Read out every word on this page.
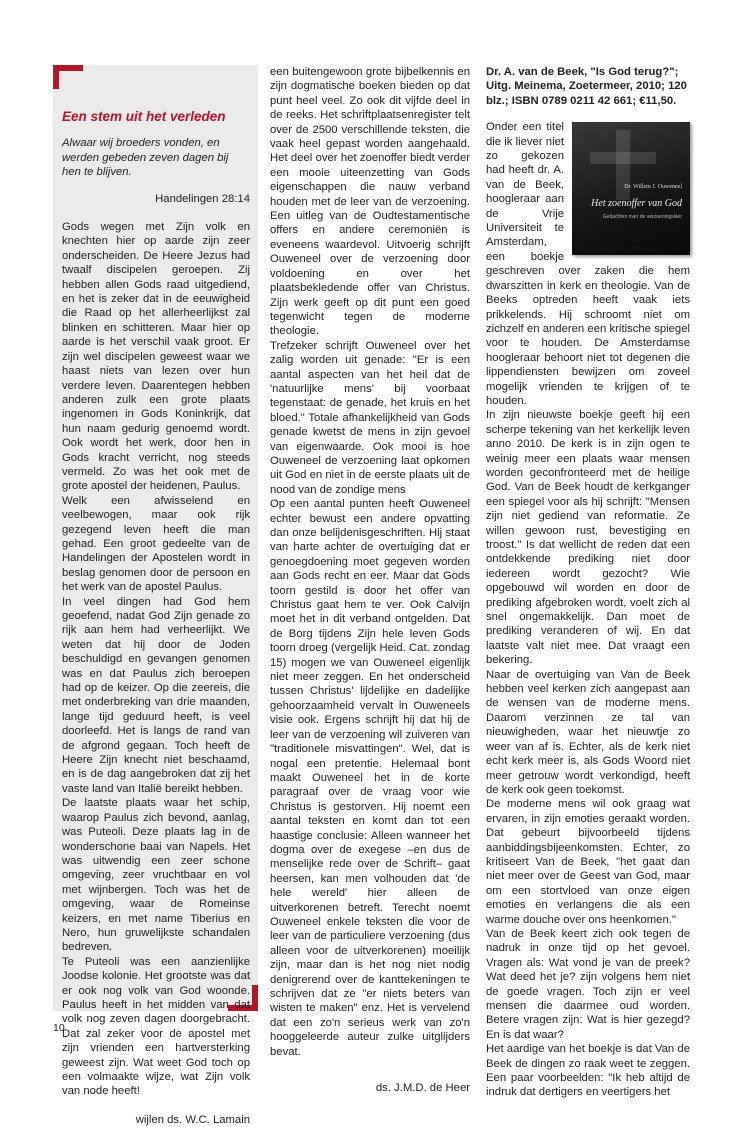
Een stem uit het verleden

Alwaar wij broeders vonden, en werden gebeden zeven dagen bij hen te blijven.

Handelingen 28:14

Gods wegen met Zijn volk en knechten hier op aarde zijn zeer onderscheiden. De Heere Jezus had twaalf discipelen geroepen. Zij hebben allen Gods raad uitgediend, en het is zeker dat in de eeuwigheid die Raad op het allerheerlijkst zal blinken en schitteren. Maar hier op aarde is het verschil vaak groot. Er zijn wel discipelen geweest waar we haast niets van lezen over hun verdere leven. Daarentegen hebben anderen zulk een grote plaats ingenomen in Gods Koninkrijk, dat hun naam gedurig genoemd wordt. Ook wordt het werk, door hen in Gods kracht verricht, nog steeds vermeld. Zo was het ook met de grote apostel der heidenen, Paulus.

Welk een afwisselend en veelbewogen, maar ook rijk gezegend leven heeft die man gehad. Een groot gedeelte van de Handelingen der Apostelen wordt in beslag genomen door de persoon en het werk van de apostel Paulus.

In veel dingen had God hem geoefend, nadat God Zijn genade zo rijk aan hem had verheerlijkt. We weten dat hij door de Joden beschuldigd en gevangen genomen was en dat Paulus zich beroepen had op de keizer. Op die zeereis, die met onderbreking van drie maanden, lange tijd geduurd heeft, is veel doorleefd. Het is langs de rand van de afgrond gegaan. Toch heeft de Heere Zijn knecht niet beschaamd, en is de dag aangebroken dat zij het vaste land van Italië bereikt hebben.

De laatste plaats waar het schip, waarop Paulus zich bevond, aanlag, was Puteoli. Deze plaats lag in de wonderschone baai van Napels. Het was uitwendig een zeer schone omgeving, zeer vruchtbaar en vol met wijnbergen. Toch was het de omgeving, waar de Romeinse keizers, en met name Tiberius en Nero, hun gruwelijkste schandalen bedreven.

Te Puteoli was een aanzienlijke Joodse kolonie. Het grootste was dat er ook nog volk van God woonde. Paulus heeft in het midden van dat volk nog zeven dagen doorgebracht. Dat zal zeker voor de apostel met zijn vrienden een hartversterking geweest zijn. Wat weet God toch op een volmaakte wijze, wat Zijn volk van node heeft!

wijlen ds. W.C. Lamain

een buitengewoon grote bijbelkennis en zijn dogmatische boeken bieden op dat punt heel veel. Zo ook dit vijfde deel in de reeks. Het schriftplaatsenregister telt over de 2500 verschillende teksten, die vaak heel gepast worden aangehaald. Het deel over het zoenoffer biedt verder een mooie uiteenzetting van Gods eigenschappen die nauw verband houden met de leer van de verzoening. Een uitleg van de Oudtestamentische offers en andere ceremoniën is eveneens waardevol. Uitvoerig schrijft Ouweneel over de verzoening door voldoening en over het plaatsbekledende offer van Christus. Zijn werk geeft op dit punt een goed tegenwicht tegen de moderne theologie.

Trefzeker schrijft Ouweneel over het zalig worden uit genade: "Er is een aantal aspecten van het heil dat de 'natuurlijke mens' bij voorbaat tegenstaat: de genade, het kruis en het bloed." Totale afhankelijkheid van Gods genade kwetst de mens in zijn gevoel van eigenwaarde. Ook mooi is hoe Ouweneel de verzoening laat opkomen uit God en niet in de eerste plaats uit de nood van de zondige mens

Op een aantal punten heeft Ouweneel echter bewust een andere opvatting dan onze belijdenisgeschriften. Hij staat van harte achter de overtuiging dat er genoegdoening moet gegeven worden aan Gods recht en eer. Maar dat Gods toorn gestild is door het offer van Christus gaat hem te ver. Ook Calvijn moet het in dit verband ontgelden. Dat de Borg tijdens Zijn hele leven Gods toorn droeg (vergelijk Heid. Cat. zondag 15) mogen we van Ouweneel eigenlijk niet meer zeggen. En het onderscheid tussen Christus' lijdelijke en dadelijke gehoorzaamheid vervalt in Ouweneels visie ook. Ergens schrijft hij dat hij de leer van de verzoening wil zuiveren van "traditionele misvattingen". Wel, dat is nogal een pretentie. Helemaal bont maakt Ouweneel het in de korte paragraaf over de vraag voor wie Christus is gestorven. Hij noemt een aantal teksten en komt dan tot een haastige conclusie: Alleen wanneer het dogma over de exegese –en dus de menselijke rede over de Schrift– gaat heersen, kan men volhouden dat 'de hele wereld' hier alleen de uitverkorenen betreft. Terecht noemt Ouweneel enkele teksten die voor de leer van de particuliere verzoening (dus alleen voor de uitverkorenen) moeilijk zijn, maar dan is het nog niet nodig denigrerend over de kanttekeningen te schrijven dat ze "er niets beters van wisten te maken" enz. Het is vervelend dat een zo'n serieus werk van zo'n hooggeleerde auteur zulke uitglijders bevat.

ds. J.M.D. de Heer

Dr. A. van de Beek, "Is God terug?"; Uitg. Meinema, Zoetermeer, 2010; 120 blz.; ISBN 0789 0211 42 661; €11,50.

Dr. Willem J. Ouweneel
Het zoenoffer van God
Gedachten over de verzoeningsleer

Onder een titel die ik liever niet zo gekozen had heeft dr. A. van de Beek, hoogleraar aan de Vrije Universiteit te Amsterdam, een boekje geschreven over zaken die hem dwarszitten in kerk en theologie. Van de Beeks optreden heeft vaak iets prikkelends. Hij schroomt niet om zichzelf en anderen een kritische spiegel voor te houden. De Amsterdamse hoogleraar behoort niet tot degenen die lippendiensten bewijzen om zoveel mogelijk vrienden te krijgen of te houden.

In zijn nieuwste boekje geeft hij een scherpe tekening van het kerkelijk leven anno 2010. De kerk is in zijn ogen te weinig meer een plaats waar mensen worden geconfronteerd met de heilige God. Van de Beek houdt de kerkganger een spiegel voor als hij schrijft: "Mensen zijn niet gediend van reformatie. Ze willen gewoon rust, bevestiging en troost." Is dat wellicht de reden dat een ontdekkende prediking niet door iedereen wordt gezocht? Wie opgebouwd wil worden en door de prediking afgebroken wordt, voelt zich al snel ongemakkelijk. Dan moet de prediking veranderen of wij. En dat laatste valt niet mee. Dat vraagt een bekering.

Naar de overtuiging van Van de Beek hebben veel kerken zich aangepast aan de wensen van de moderne mens. Daarom verzinnen ze tal van nieuwigheden, waar het nieuwtje zo weer van af is. Echter, als de kerk niet echt kerk meer is, als Gods Woord niet meer getrouw wordt verkondigd, heeft de kerk ook geen toekomst.

De moderne mens wil ook graag wat ervaren, in zijn emoties geraakt worden. Dat gebeurt bijvoorbeeld tijdens aanbiddingsbijeenkomsten. Echter, zo kritiseert Van de Beek, "het gaat dan niet meer over de Geest van God, maar om een stortvloed van onze eigen emoties en verlangens die als een warme douche over ons heenkomen."

Van de Beek keert zich ook tegen de nadruk in onze tijd op het gevoel. Vragen als: Wat vond je van de preek? Wat deed het je? zijn volgens hem niet de goede vragen. Toch zijn er veel mensen die daarmee oud worden. Betere vragen zijn: Wat is hier gezegd? En is dat waar?

Het aardige van het boekje is dat Van de Beek de dingen zo raak weet te zeggen. Een paar voorbeelden: "Ik heb altijd de indruk dat dertigers en veertigers het

10
